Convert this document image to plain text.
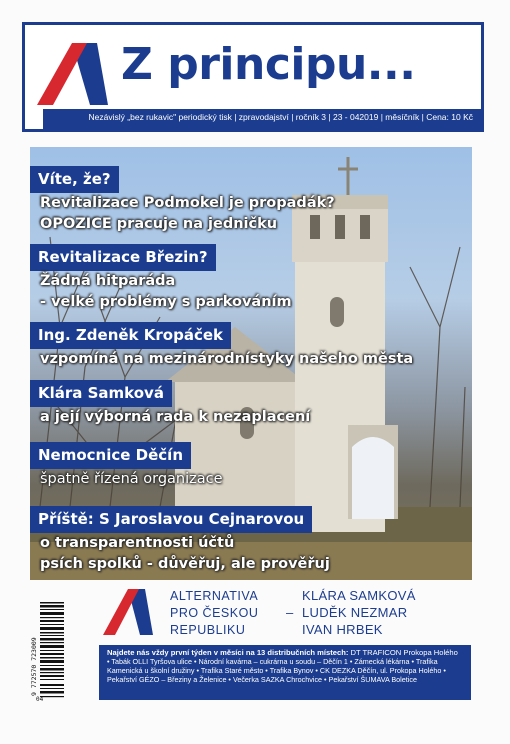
Z principu...
Nezávislý „bez rukavic" periodický tisk | zpravodajství | ročník 3 | 23 - 042019 | měsíčník | Cena: 10 Kč
Víte, že?
Revitalizace Podmokel je propadák?
OPOZICE pracuje na jedničku
Revitalizace Březin?
Žádná hitparáda
- velké problémy s parkováním
Ing. Zdeněk Kropáček
vzpomíná na mezinárodnístyky našeho města
Klára Samková
a její výborná rada k nezaplacení
Nemocnice Děčín
špatně řízená organizace
Příště: S Jaroslavou Cejnarovou
o transparentnosti účtů
psích spolků - důvěřuj, ale prověřuj
9 772570 723009
04
ALTERNATIVA
PRO ČESKOU
REPUBLIKU
–
KLÁRA SAMKOVÁ
LUDĚK NEZMAR
IVAN HRBEK
Najdete nás vždy první týden v měsíci na 13 distribučních místech: DT TRAFICON Prokopa Holého
• Tabák OLLI Tyršova ulice • Národní kavárna – cukrárna u soudu – Děčín 1 • Zámecká lékárna • Trafika Kamenická u školní družiny • Trafika Staré město • Trafika Bynov • CK DEZKA Děčín, ul. Prokopa Holého • Pekařství GÉZO – Březiny a Želenice • Večerka SAZKA Chrochvice • Pekařství ŠUMAVA Boletice
